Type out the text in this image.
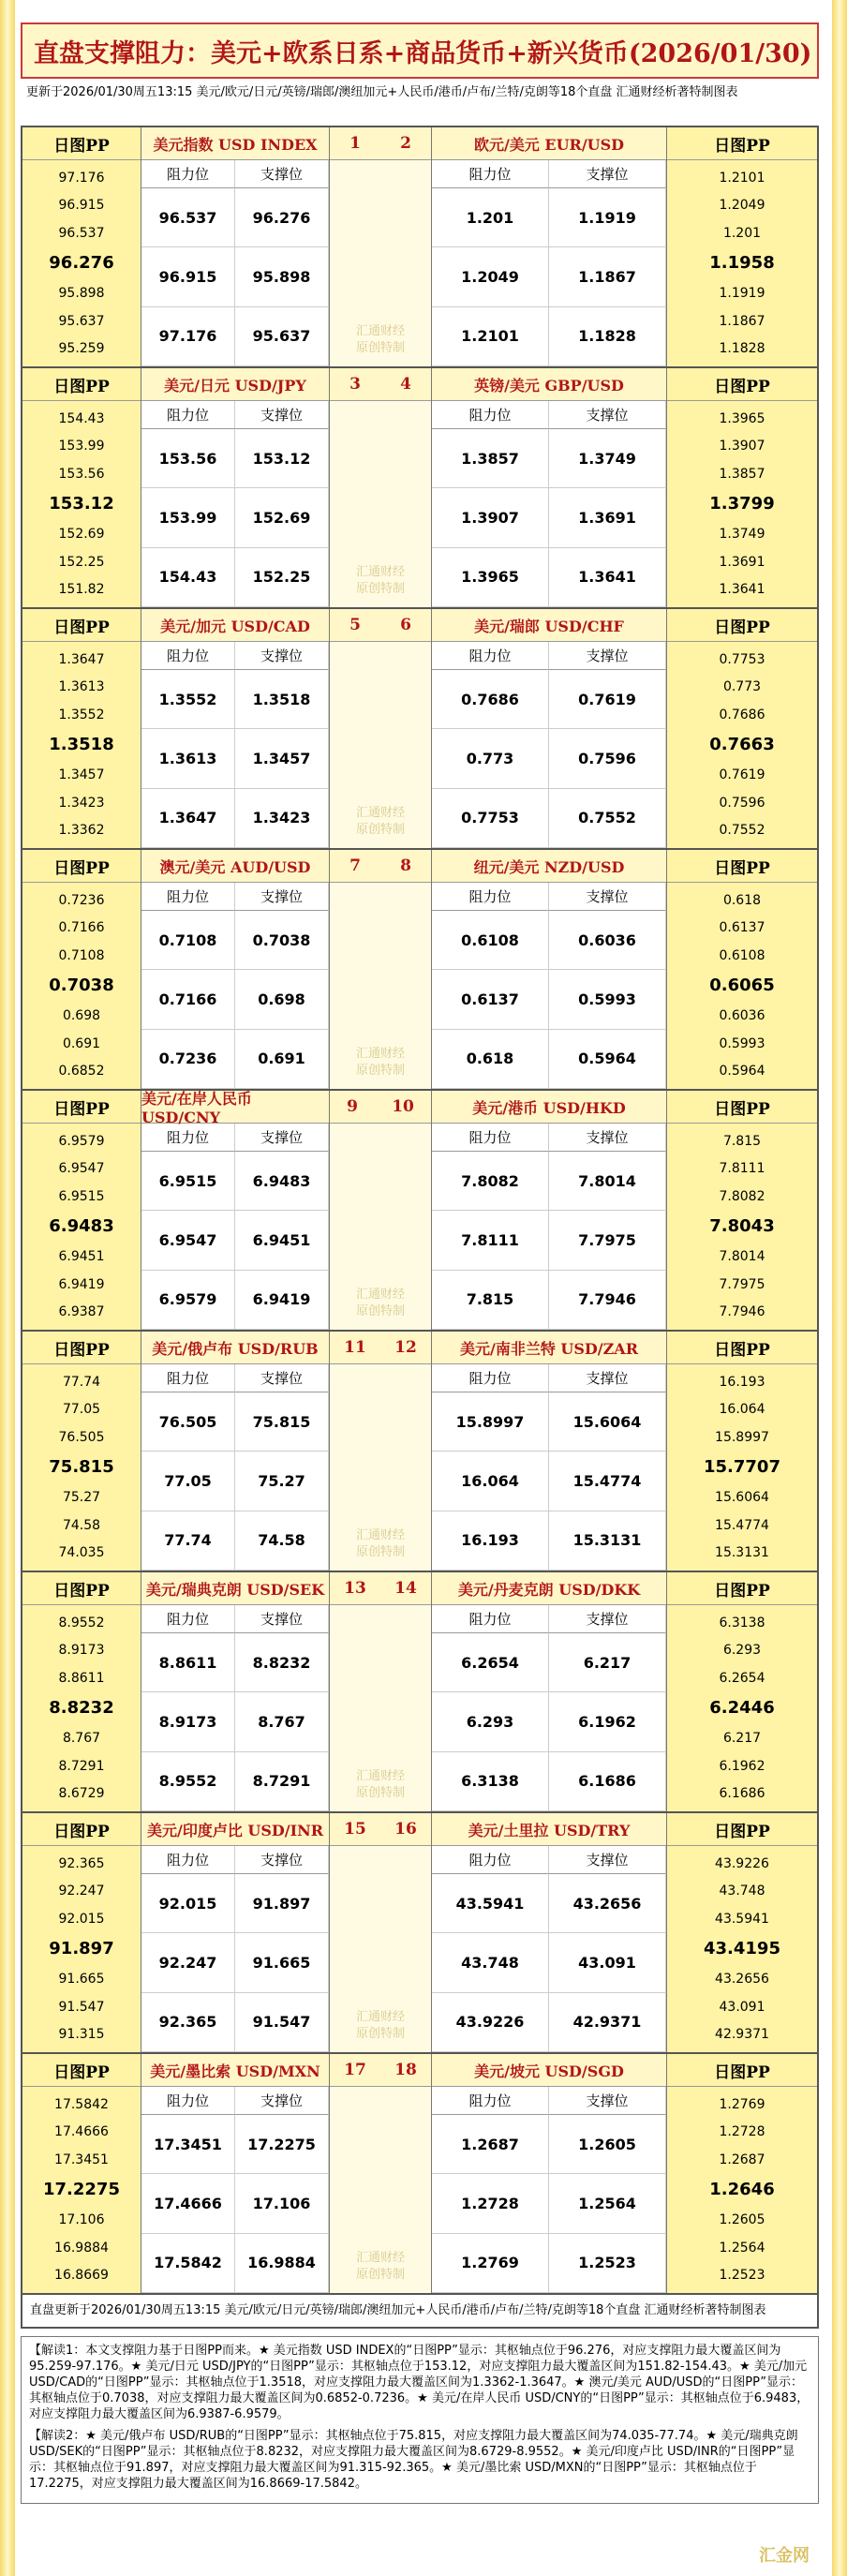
直盘支撑阻力：美元+欧系日系+商品货币+新兴货币(2026/01/30)
更新于2026/01/30周五13:15 美元/欧元/日元/英镑/瑞郎/澳纽加元+人民币/港币/卢布/兰特/克朗等18个直盘 汇通财经析著特制图表
日图PP
97.176
96.915
96.537
96.276
95.898
95.637
95.259
美元指数 USD INDEX
阻力位	支撑位
96.537	96.276
96.915	95.898
97.176	95.637
1 2
汇通财经
原创特制
欧元/美元 EUR/USD
阻力位	支撑位
1.201	1.1919
1.2049	1.1867
1.2101	1.1828
日图PP
1.2101
1.2049
1.201
1.1958
1.1919
1.1867
1.1828
日图PP
154.43
153.99
153.56
153.12
152.69
152.25
151.82
美元/日元 USD/JPY
阻力位	支撑位
153.56	153.12
153.99	152.69
154.43	152.25
3 4
汇通财经
原创特制
英镑/美元 GBP/USD
阻力位	支撑位
1.3857	1.3749
1.3907	1.3691
1.3965	1.3641
日图PP
1.3965
1.3907
1.3857
1.3799
1.3749
1.3691
1.3641
日图PP
1.3647
1.3613
1.3552
1.3518
1.3457
1.3423
1.3362
美元/加元 USD/CAD
阻力位	支撑位
1.3552	1.3518
1.3613	1.3457
1.3647	1.3423
5 6
汇通财经
原创特制
美元/瑞郎 USD/CHF
阻力位	支撑位
0.7686	0.7619
0.773	0.7596
0.7753	0.7552
日图PP
0.7753
0.773
0.7686
0.7663
0.7619
0.7596
0.7552
日图PP
0.7236
0.7166
0.7108
0.7038
0.698
0.691
0.6852
澳元/美元 AUD/USD
阻力位	支撑位
0.7108	0.7038
0.7166	0.698
0.7236	0.691
7 8
汇通财经
原创特制
纽元/美元 NZD/USD
阻力位	支撑位
0.6108	0.6036
0.6137	0.5993
0.618	0.5964
日图PP
0.618
0.6137
0.6108
0.6065
0.6036
0.5993
0.5964
日图PP
6.9579
6.9547
6.9515
6.9483
6.9451
6.9419
6.9387
美元/在岸人民币 USD/CNY
阻力位	支撑位
6.9515	6.9483
6.9547	6.9451
6.9579	6.9419
9 10
汇通财经
原创特制
美元/港币 USD/HKD
阻力位	支撑位
7.8082	7.8014
7.8111	7.7975
7.815	7.7946
日图PP
7.815
7.8111
7.8082
7.8043
7.8014
7.7975
7.7946
日图PP
77.74
77.05
76.505
75.815
75.27
74.58
74.035
美元/俄卢布 USD/RUB
阻力位	支撑位
76.505	75.815
77.05	75.27
77.74	74.58
11 12
汇通财经
原创特制
美元/南非兰特 USD/ZAR
阻力位	支撑位
15.8997	15.6064
16.064	15.4774
16.193	15.3131
日图PP
16.193
16.064
15.8997
15.7707
15.6064
15.4774
15.3131
日图PP
8.9552
8.9173
8.8611
8.8232
8.767
8.7291
8.6729
美元/瑞典克朗 USD/SEK
阻力位	支撑位
8.8611	8.8232
8.9173	8.767
8.9552	8.7291
13 14
汇通财经
原创特制
美元/丹麦克朗 USD/DKK
阻力位	支撑位
6.2654	6.217
6.293	6.1962
6.3138	6.1686
日图PP
6.3138
6.293
6.2654
6.2446
6.217
6.1962
6.1686
日图PP
92.365
92.247
92.015
91.897
91.665
91.547
91.315
美元/印度卢比 USD/INR
阻力位	支撑位
92.015	91.897
92.247	91.665
92.365	91.547
15 16
汇通财经
原创特制
美元/土里拉 USD/TRY
阻力位	支撑位
43.5941	43.2656
43.748	43.091
43.9226	42.9371
日图PP
43.9226
43.748
43.5941
43.4195
43.2656
43.091
42.9371
日图PP
17.5842
17.4666
17.3451
17.2275
17.106
16.9884
16.8669
美元/墨比索 USD/MXN
阻力位	支撑位
17.3451	17.2275
17.4666	17.106
17.5842	16.9884
17 18
汇通财经
原创特制
美元/坡元 USD/SGD
阻力位	支撑位
1.2687	1.2605
1.2728	1.2564
1.2769	1.2523
日图PP
1.2769
1.2728
1.2687
1.2646
1.2605
1.2564
1.2523
直盘更新于2026/01/30周五13:15 美元/欧元/日元/英镑/瑞郎/澳纽加元+人民币/港币/卢布/兰特/克朗等18个直盘 汇通财经析著特制图表

【解读1：本文支撑阻力基于日图PP而来。★ 美元指数 USD INDEX的“日图PP”显示：其枢轴点位于96.276，对应支撑阻力最大覆盖区间为95.259-97.176。★ 美元/日元 USD/JPY的“日图PP”显示：其枢轴点位于153.12，对应支撑阻力最大覆盖区间为151.82-154.43。★ 美元/加元 USD/CAD的“日图PP”显示：其枢轴点位于1.3518，对应支撑阻力最大覆盖区间为1.3362-1.3647。★ 澳元/美元 AUD/USD的“日图PP”显示：其枢轴点位于0.7038，对应支撑阻力最大覆盖区间为0.6852-0.7236。★ 美元/在岸人民币 USD/CNY的“日图PP”显示：其枢轴点位于6.9483，对应支撑阻力最大覆盖区间为6.9387-6.9579。

【解读2：★ 美元/俄卢布 USD/RUB的“日图PP”显示：其枢轴点位于75.815，对应支撑阻力最大覆盖区间为74.035-77.74。★ 美元/瑞典克朗 USD/SEK的“日图PP”显示：其枢轴点位于8.8232，对应支撑阻力最大覆盖区间为8.6729-8.9552。★ 美元/印度卢比 USD/INR的“日图PP”显示：其枢轴点位于91.897，对应支撑阻力最大覆盖区间为91.315-92.365。★ 美元/墨比索 USD/MXN的“日图PP”显示：其枢轴点位于17.2275，对应支撑阻力最大覆盖区间为16.8669-17.5842。

汇金网
